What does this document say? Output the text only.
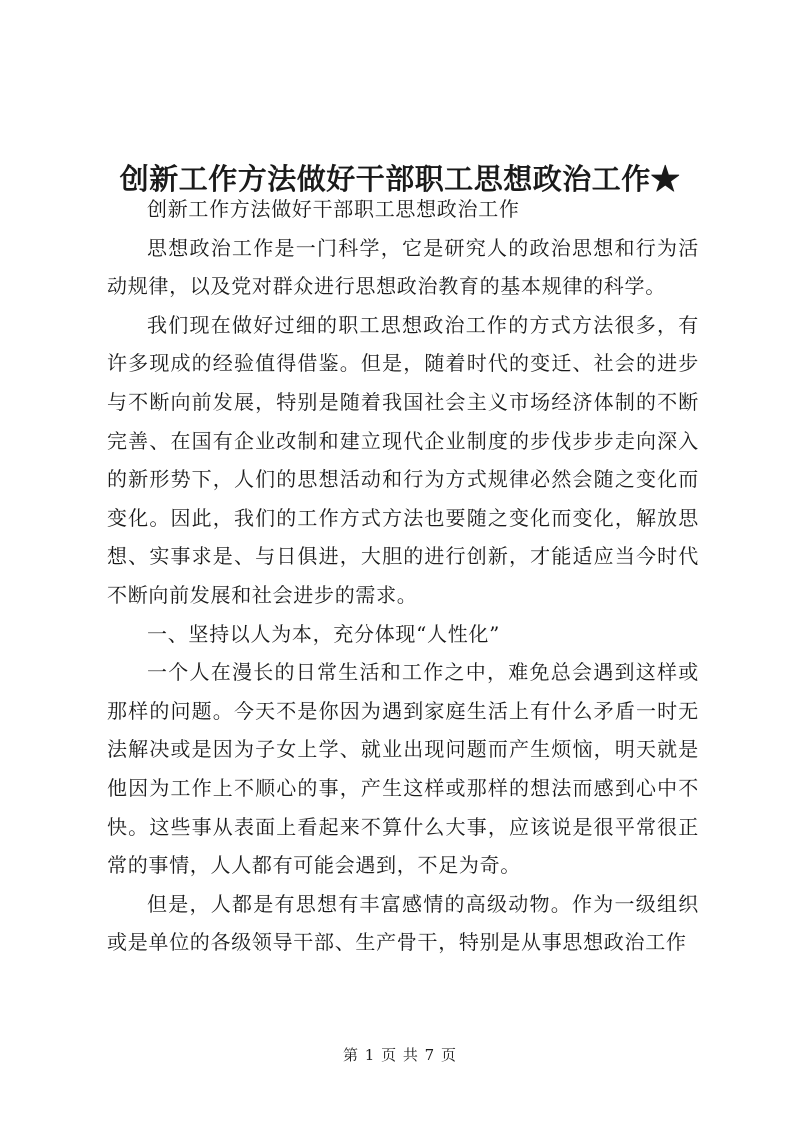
创新工作方法做好干部职工思想政治工作★

创新工作方法做好干部职工思想政治工作

思想政治工作是一门科学，它是研究人的政治思想和行为活动规律，以及党对群众进行思想政治教育的基本规律的科学。

我们现在做好过细的职工思想政治工作的方式方法很多，有许多现成的经验值得借鉴。但是，随着时代的变迁、社会的进步与不断向前发展，特别是随着我国社会主义市场经济体制的不断完善、在国有企业改制和建立现代企业制度的步伐步步走向深入的新形势下，人们的思想活动和行为方式规律必然会随之变化而变化。因此，我们的工作方式方法也要随之变化而变化，解放思想、实事求是、与日俱进，大胆的进行创新，才能适应当今时代不断向前发展和社会进步的需求。

一、坚持以人为本，充分体现“人性化”

一个人在漫长的日常生活和工作之中，难免总会遇到这样或那样的问题。今天不是你因为遇到家庭生活上有什么矛盾一时无法解决或是因为子女上学、就业出现问题而产生烦恼，明天就是他因为工作上不顺心的事，产生这样或那样的想法而感到心中不快。这些事从表面上看起来不算什么大事，应该说是很平常很正常的事情，人人都有可能会遇到，不足为奇。

但是，人都是有思想有丰富感情的高级动物。作为一级组织或是单位的各级领导干部、生产骨干，特别是从事思想政治工作

第 1 页 共 7 页
